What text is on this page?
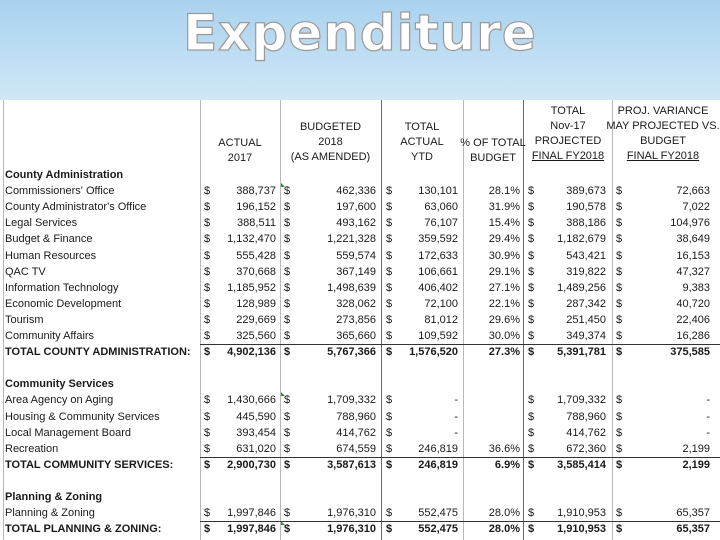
Expenditure
ACTUAL
2017
BUDGETED
2018
(AS AMENDED)
TOTAL
ACTUAL
YTD
% OF TOTAL
BUDGET
TOTAL
Nov-17
PROJECTED
FINAL FY2018
PROJ. VARIANCE
MAY PROJECTED VS.
BUDGET
FINAL FY2018
County Administration
Commissioners' Office	$	388,737 $	462,336 $	130,101	28.1% $	389,673 $	72,663
County Administrator's Office	$	196,152 $	197,600 $	63,060	31.9% $	190,578 $	7,022
Legal Services	$	388,511 $	493,162 $	76,107	15.4% $	388,186 $	104,976
Budget & Finance	$	1,132,470 $	1,221,328 $	359,592	29.4% $	1,182,679 $	38,649
Human Resources	$	555,428 $	559,574 $	172,633	30.9% $	543,421 $	16,153
QAC TV	$	370,668 $	367,149 $	106,661	29.1% $	319,822 $	47,327
Information Technology	$	1,185,952 $	1,498,639 $	406,402	27.1% $	1,489,256 $	9,383
Economic Development	$	128,989 $	328,062 $	72,100	22.1% $	287,342 $	40,720
Tourism	$	229,669 $	273,856 $	81,012	29.6% $	251,450 $	22,406
Community Affairs	$	325,560 $	365,660 $	109,592	30.0% $	349,374 $	16,286
TOTAL COUNTY ADMINISTRATION: $	4,902,136 $	5,767,366 $	1,576,520	27.3% $	5,391,781 $	375,585
Community Services
Area Agency on Aging	$	1,430,666 $	1,709,332 $	-	$	1,709,332 $	-
Housing & Community Services	$	445,590 $	788,960 $	-	$	788,960 $	-
Local Management Board	$	393,454 $	414,762 $	-	$	414,762 $	-
Recreation	$	631,020 $	674,559 $	246,819	36.6% $	672,360 $	2,199
TOTAL COMMUNITY SERVICES:	$	2,900,730 $	3,587,613 $	246,819	6.9% $	3,585,414 $	2,199
Planning & Zoning
Planning & Zoning	$	1,997,846 $	1,976,310 $	552,475	28.0% $	1,910,953 $	65,357
TOTAL PLANNING & ZONING:	$	1,997,846 $	1,976,310 $	552,475	28.0% $	1,910,953 $	65,357
